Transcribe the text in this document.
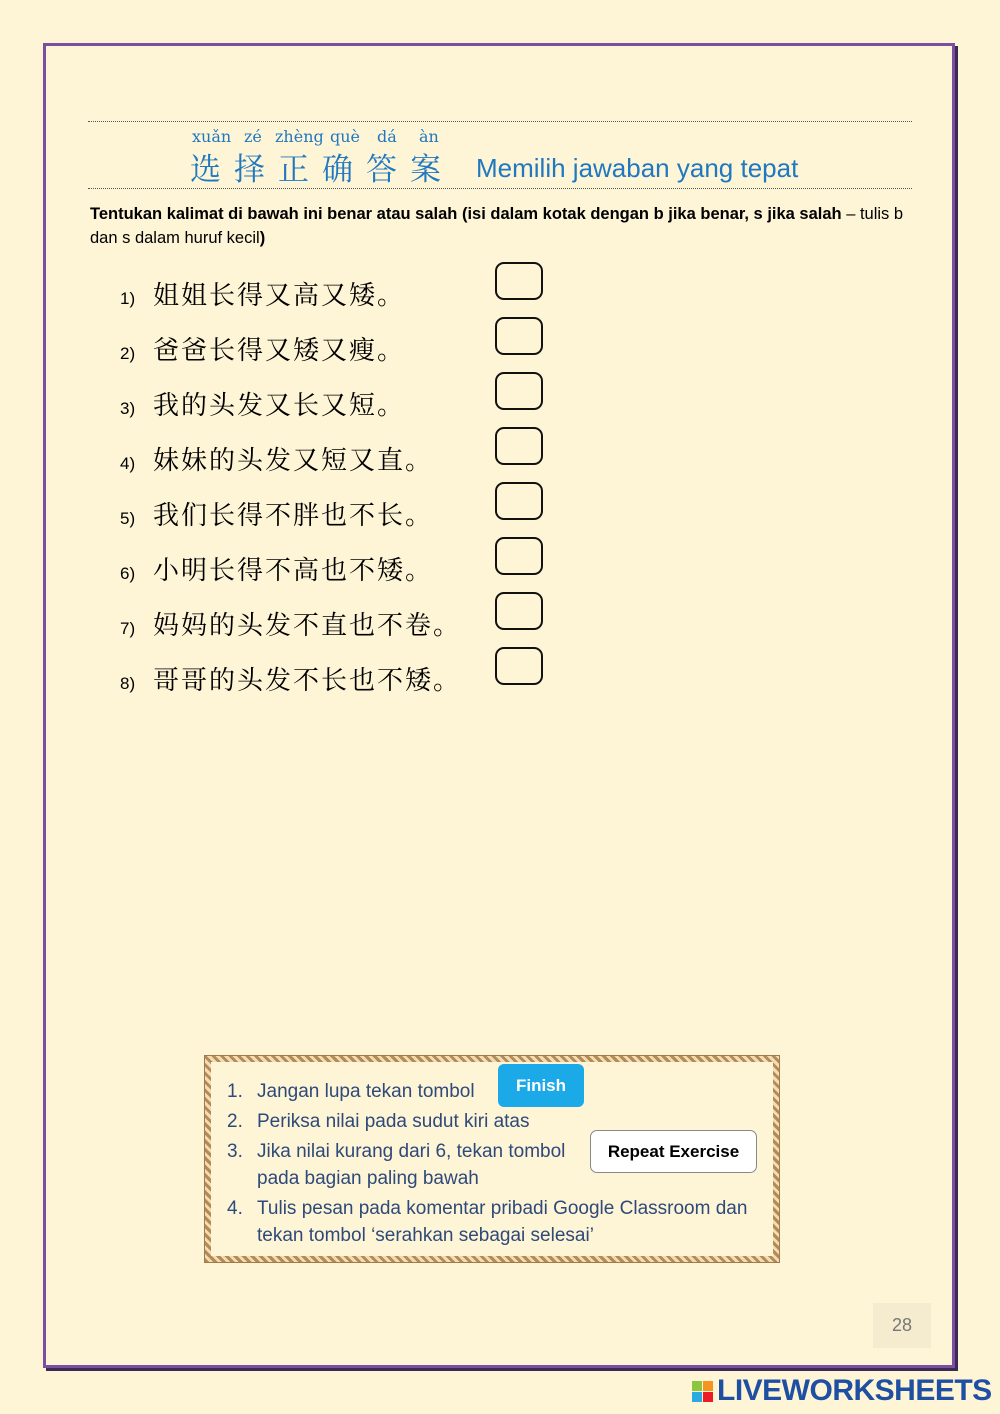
xuǎn zé zhèng què dá àn
选择正确答案 Memilih jawaban yang tepat
Tentukan kalimat di bawah ini benar atau salah (isi dalam kotak dengan b jika benar, s jika salah – tulis b dan s dalam huruf kecil)
1) 姐姐长得又高又矮。
2) 爸爸长得又矮又瘦。
3) 我的头发又长又短。
4) 妹妹的头发又短又直。
5) 我们长得不胖也不长。
6) 小明长得不高也不矮。
7) 妈妈的头发不直也不卷。
8) 哥哥的头发不长也不矮。
1. Jangan lupa tekan tombol
2. Periksa nilai pada sudut kiri atas
3. Jika nilai kurang dari 6, tekan tombol pada bagian paling bawah
4. Tulis pesan pada komentar pribadi Google Classroom dan tekan tombol ‘serahkan sebagai selesai’
Finish
Repeat Exercise
28
LIVEWORKSHEETS
